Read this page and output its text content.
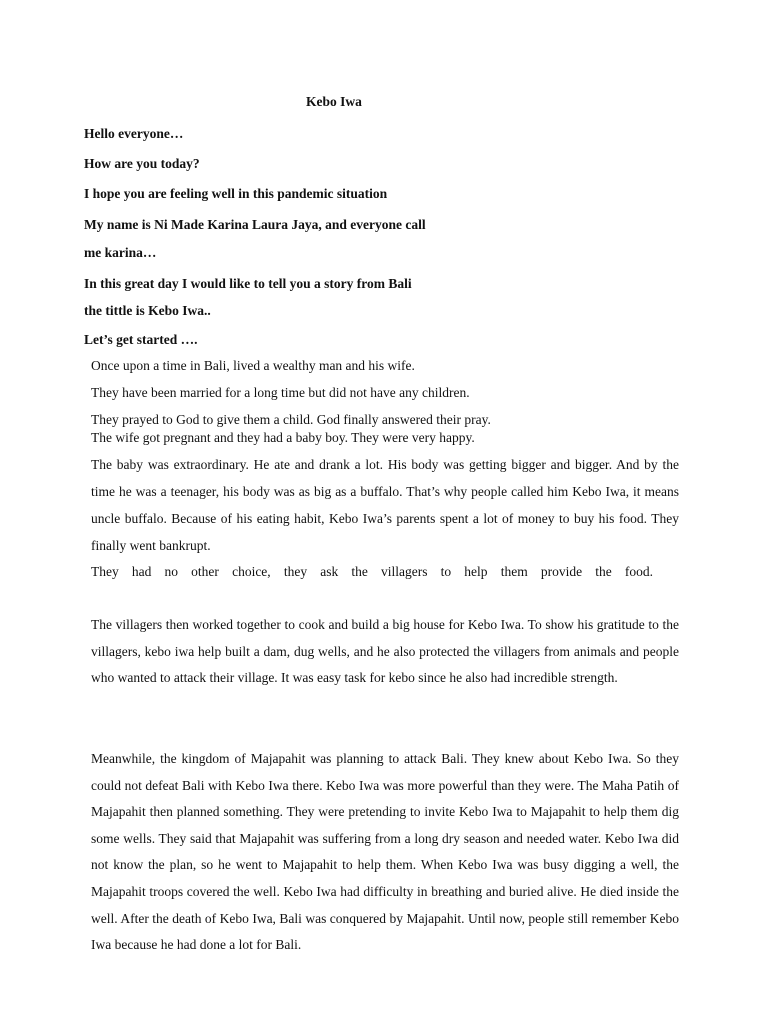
Kebo Iwa
Hello everyone…
How are you today?
I hope you are feeling well in this pandemic situation
My name is Ni Made Karina Laura Jaya, and everyone call
me karina…
In this great day I would like to tell you a story from Bali
the tittle is Kebo Iwa..
Let’s get started ….
Once upon a time in Bali, lived a wealthy man and his wife.
They have been married for a long time but did not have any children.
They prayed to God to give them a child. God finally answered their pray.
The wife got pregnant and they had a baby boy. They were very happy.
The baby was extraordinary. He ate and drank a lot. His body was getting bigger and bigger. And by the time he was a teenager, his body was as big as a buffalo. That’s why people called him Kebo Iwa, it means uncle buffalo. Because of his eating habit, Kebo Iwa’s parents spent a lot of money to buy his food. They finally went bankrupt.
They had no other choice, they ask the villagers to help them provide the food.
The villagers then worked together to cook and build a big house for Kebo Iwa. To show his gratitude to the villagers, kebo iwa help built a dam, dug wells, and he also protected the villagers from animals and people who wanted to attack their village. It was easy task for kebo since he also had incredible strength.
Meanwhile, the kingdom of Majapahit was planning to attack Bali. They knew about Kebo Iwa. So they could not defeat Bali with Kebo Iwa there. Kebo Iwa was more powerful than they were. The Maha Patih of Majapahit then planned something. They were pretending to invite Kebo Iwa to Majapahit to help them dig some wells. They said that Majapahit was suffering from a long dry season and needed water. Kebo Iwa did not know the plan, so he went to Majapahit to help them. When Kebo Iwa was busy digging a well, the Majapahit troops covered the well. Kebo Iwa had difficulty in breathing and buried alive. He died inside the well. After the death of Kebo Iwa, Bali was conquered by Majapahit. Until now, people still remember Kebo Iwa because he had done a lot for Bali.
